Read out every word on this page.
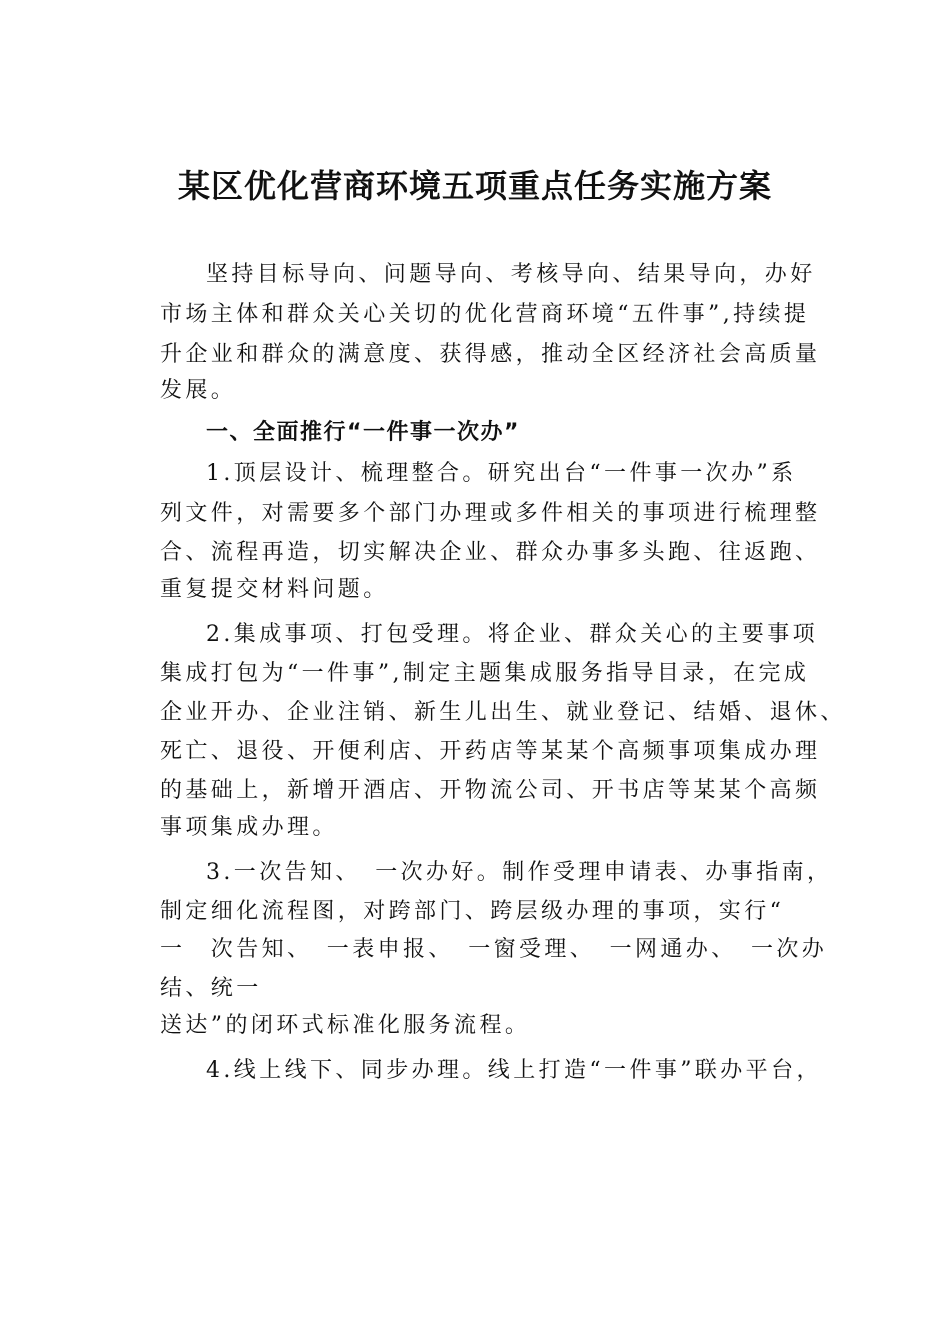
某区优化营商环境五项重点任务实施方案
坚持目标导向、问题导向、考核导向、结果导向，办好
市场主体和群众关心关切的优化营商环境“五件事”,持续提
升企业和群众的满意度、获得感，推动全区经济社会高质量
发展。
一、全面推行“一件事一次办”
1.顶层设计、梳理整合。研究出台“一件事一次办”系
列文件，对需要多个部门办理或多件相关的事项进行梳理整
合、流程再造，切实解决企业、群众办事多头跑、往返跑、
重复提交材料问题。
2.集成事项、打包受理。将企业、群众关心的主要事项
集成打包为“一件事”,制定主题集成服务指导目录，在完成
企业开办、企业注销、新生儿出生、就业登记、结婚、退休、
死亡、退役、开便利店、开药店等某某个高频事项集成办理
的基础上，新增开酒店、开物流公司、开书店等某某个高频
事项集成办理。
3.一次告知、　一次办好。制作受理申请表、办事指南，
制定细化流程图，对跨部门、跨层级办理的事项，实行“
一　次告知、　一表申报、　一窗受理、　一网通办、　一次办
结、统一
送达”的闭环式标准化服务流程。
4.线上线下、同步办理。线上打造“一件事”联办平台，
